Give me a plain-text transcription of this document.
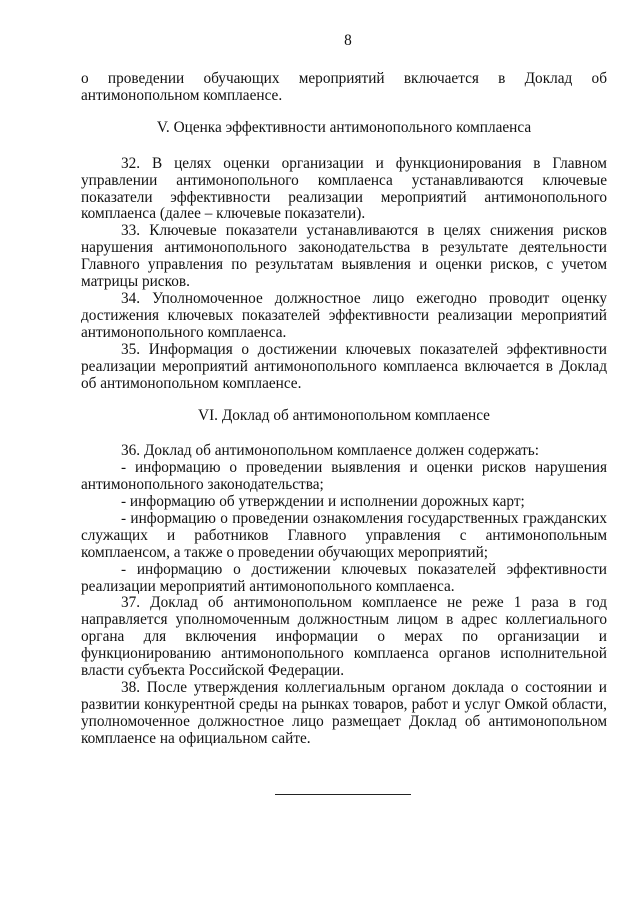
8

о проведении обучающих мероприятий включается в Доклад об антимонопольном комплаенсе.

V. Оценка эффективности антимонопольного комплаенса

32. В целях оценки организации и функционирования в Главном управлении антимонопольного комплаенса устанавливаются ключевые показатели эффективности реализации мероприятий антимонопольного комплаенса (далее – ключевые показатели).

33. Ключевые показатели устанавливаются в целях снижения рисков нарушения антимонопольного законодательства в результате деятельности Главного управления по результатам выявления и оценки рисков, с учетом матрицы рисков.

34. Уполномоченное должностное лицо ежегодно проводит оценку достижения ключевых показателей эффективности реализации мероприятий антимонопольного комплаенса.

35. Информация о достижении ключевых показателей эффективности реализации мероприятий антимонопольного комплаенса включается в Доклад об антимонопольном комплаенсе.

VI. Доклад об антимонопольном комплаенсе

36. Доклад об антимонопольном комплаенсе должен содержать:

- информацию о проведении выявления и оценки рисков нарушения антимонопольного законодательства;

- информацию об утверждении и исполнении дорожных карт;

- информацию о проведении ознакомления государственных гражданских служащих и работников Главного управления с антимонопольным комплаенсом, а также о проведении обучающих мероприятий;

- информацию о достижении ключевых показателей эффективности реализации мероприятий антимонопольного комплаенса.

37. Доклад об антимонопольном комплаенсе не реже 1 раза в год направляется уполномоченным должностным лицом в адрес коллегиального органа для включения информации о мерах по организации и функционированию антимонопольного комплаенса органов исполнительной власти субъекта Российской Федерации.

38. После утверждения коллегиальным органом доклада о состоянии и развитии конкурентной среды на рынках товаров, работ и услуг Омкой области, уполномоченное должностное лицо размещает Доклад об антимонопольном комплаенсе на официальном сайте.
